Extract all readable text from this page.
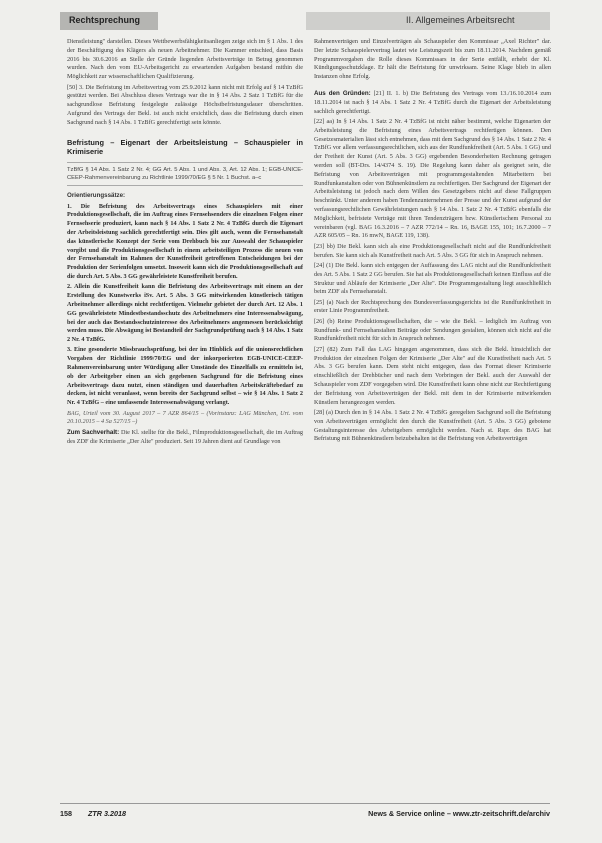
Rechtsprechung	II. Allgemeines Arbeitsrecht

Dienstleistung" darstellen. Dieses Wettbewerbsfähigkeitsanliegen zeige sich im § 1 Abs. 1 des der Beschäftigung des Klägers als neuen Arbeitnehmer. Die Kammer entschied, dass Basis 2016 bis 30.6.2016 an Stelle der Gründe liegenden Arbeitsverträge in Betrag genommen wurden. Nach den vom EU-Arbeitsgericht zu erwartenden Aufgaben bestand mithin die Möglichkeit zur wissenschaftlichen Qualifizierung.

[50] 3. Die Befristung im Arbeitsvertrag vom 25.9.2012 kann nicht mit Erfolg auf § 14 TzBfG gestützt werden. Bei Abschluss dieses Vertrags war die in § 14 Abs. 2 Satz 1 TzBfG für die sachgrundlose Befristung festgelegte zulässige Höchstbefristungsdauer überschritten. Aufgrund des Vertrags der Bekl. ist auch nicht ersichtlich, dass die Befristung durch einen Sachgrund nach § 14 Abs. 1 TzBfG gerechtfertigt sein könnte.

Befristung – Eigenart der Arbeitsleistung – Schauspieler in Krimiserie
TzBfG § 14 Abs. 1 Satz 2 Nr. 4; GG Art. 5 Abs. 1 und Abs. 3, Art. 12 Abs. 1; EGB-UNICE-CEEP-Rahmenvereinbarung zu Richtlinie 1999/70/EG § 5 Nr. 1 Buchst. a–c
Orientierungssätze:

1. Die Befristung des Arbeitsvertrags eines Schauspielers mit einer Produktionsgesellschaft, die im Auftrag eines Fernsehsenders die einzelnen Folgen einer Fernsehserie produziert, kann nach § 14 Abs. 1 Satz 2 Nr. 4 TzBfG durch die Eigenart der Arbeitsleistung sachlich gerechtfertigt sein. Dies gilt auch, wenn die Fernsehanstalt das künstlerische Konzept der Serie vom Drehbuch bis zur Auswahl der Schauspieler vorgibt und die Produktionsgesellschaft in einem arbeitsteiligen Prozess die neuen von der Fernsehanstalt im Rahmen der Kunstfreiheit getroffenen Entscheidungen bei der Produktion der Serienfolgen umsetzt. Insoweit kann sich die Produktionsgesellschaft auf die durch Art. 5 Abs. 3 GG gewährleistete Kunstfreiheit berufen.

2. Allein die Kunstfreiheit kann die Befristung des Arbeitsvertrags mit einem an der Erstellung des Kunstwerks iSv. Art. 5 Abs. 3 GG mitwirkenden künstlerisch tätigen Arbeitnehmer allerdings nicht rechtfertigen. Vielmehr gebietet der durch Art. 12 Abs. 1 GG gewährleistete Mindestbestandsschutz des Arbeitnehmers eine Interessenabwägung, bei der auch das Bestandsschutzinteresse des Arbeitnehmers angemessen berücksichtigt werden muss. Die Abwägung ist Bestandteil der Sachgrundprüfung nach § 14 Abs. 1 Satz 2 Nr. 4 TzBfG.

3. Eine gesonderte Missbrauchsprüfung, bei der im Hinblick auf die unionsrechtlichen Vorgaben der Richtlinie 1999/70/EG und der inkorporierten EGB-UNICE-CEEP-Rahmenvereinbarung unter Würdigung aller Umstände des Einzelfalls zu ermitteln ist, ob der Arbeitgeber einen an sich gegebenen Sachgrund für die Befristung eines Arbeitsvertrags dazu nutzt, einen ständigen und dauerhaften Arbeitskräftebedarf zu decken, ist nicht veranlasst, wenn bereits der Sachgrund selbst – wie § 14 Abs. 1 Satz 2 Nr. 4 TzBfG – eine umfassende Interessenabwägung verlangt.

BAG, Urteil vom 30. August 2017 – 7 AZR 864/15 – (Vorinstanz: LAG München, Urt. vom 20.10.2015 – 4 Sa 527/15 –)

Zum Sachverhalt: Die Kl. stellte für die Bekl., Filmproduktionsgesellschaft, die im Auftrag des ZDF die Krimiserie „Der Alte" produziert. Seit 19 Jahren dient auf Grundlage von

Rahmenverträgen und Einzelverträgen als Schauspieler den Kommissar „Axel Richter" dar. Der letzte Schauspielervertrag lautet wie Leistungszeit bis zum 18.11.2014. Nachdem gemäß Programmvorgaben die Rolle dieses Kommissars in der Serie entfällt, erhebt der Kl. Kündigungsschutzklage. Er hält die Befristung für unwirksam. Seine Klage blieb in allen Instanzen ohne Erfolg.

Aus den Gründen: [21] II. 1. b) Die Befristung des Vertrags vom 13./16.10.2014 zum 18.11.2014 ist nach § 14 Abs. 1 Satz 2 Nr. 4 TzBfG durch die Eigenart der Arbeitsleistung sachlich gerechtfertigt.

[22] aa) In § 14 Abs. 1 Satz 2 Nr. 4 TzBfG ist nicht näher bestimmt, welche Eigenarten der Arbeitsleistung die Befristung eines Arbeitsvertrags rechtfertigen können. Den Gesetzesmaterialien lässt sich entnehmen, dass mit dem Sachgrund des § 14 Abs. 1 Satz 2 Nr. 4 TzBfG vor allem verfassungsrechtlichen, sich aus der Rundfunkfreiheit (Art. 5 Abs. 1 GG) und der Freiheit der Kunst (Art. 5 Abs. 3 GG) ergebenden Besonderheiten Rechnung getragen werden soll (BT-Drs. 14/4374 S. 19). Die Regelung kann daher als geeignet sein, die Befristung von Arbeitsverträgen mit programmgestaltenden Mitarbeitern bei Rundfunkanstalten oder von Bühnenkünstlern zu rechtfertigen. Der Sachgrund der Eigenart der Arbeitsleistung ist jedoch nach dem Willen des Gesetzgebers nicht auf diese Fallgruppen beschränkt. Unter anderem haben Tendenzunternehmen der Presse und der Kunst aufgrund der verfassungsrechtlichen Gewährleistungen nach § 14 Abs. 1 Satz 2 Nr. 4 TzBfG ebenfalls die Möglichkeit, befristete Verträge mit ihren Tendenzträgern bzw. Künstlerischem Personal zu vereinbaren (vgl. BAG 16.3.2016 – 7 AZR 772/14 – Rn. 16, BAGE 155, 101; 16.7.2000 – 7 AZR 605/05 – Rn. 16 mwN, BAGE 119, 138).

[23] bb) Die Bekl. kann sich als eine Produktionsgesellschaft nicht auf die Rundfunkfreiheit berufen. Sie kann sich als Kunstfreiheit nach Art. 5 Abs. 3 GG für sich in Anspruch nehmen.

[24] (1) Die Bekl. kann sich entgegen der Auffassung des LAG nicht auf die Rundfunkfreiheit des Art. 5 Abs. 1 Satz 2 GG berufen. Sie hat als Produktionsgesellschaft keinen Einfluss auf die Struktur und Abläufe der Krimiserie „Der Alte". Die Programmgestaltung liegt ausschließlich beim ZDF als Fernsehanstalt.

[25] (a) Nach der Rechtsprechung des Bundesverfassungsgerichts ist die Rundfunkfreiheit in erster Linie Programmfreiheit.

[26] (b) Reine Produktionsgesellschaften, die – wie die Bekl. – lediglich im Auftrag von Rundfunk- und Fernsehanstalten Beiträge oder Sendungen gestalten, können sich nicht auf die Rundfunkfreiheit nicht für sich in Anspruch nehmen.

[27] (82) Zum Fall das LAG hingegen angenommen, dass sich die Bekl. hinsichtlich der Produktion der einzelnen Folgen der Krimiserie „Der Alte" auf die Kunstfreiheit nach Art. 5 Abs. 3 GG berufen kann. Dem steht nicht entgegen, dass das Format dieser Krimiserie einschließlich der Drehbücher und nach dem Vorbringen der Bekl. auch der Auswahl der Schauspieler vom ZDF vorgegeben wird. Die Kunstfreiheit kann ohne nicht zur Rechtfertigung der Befristung von Arbeitsverträgen der Bekl. mit dem in der Krimiserie mitwirkenden Künstlern herangezogen werden.

[28] (a) Durch den in § 14 Abs. 1 Satz 2 Nr. 4 TzBfG geregelten Sachgrund soll die Befristung von Arbeitsverträgen ermöglicht den durch die Kunstfreiheit (Art. 5 Abs. 3 GG) gebotene Gestaltungsinteresse des Arbeitgebers ermöglicht werden. Nach st. Rspr. des BAG hat Befristung mit Bühnenkünstlern beizubehalten ist die Befristung von Arbeitsverträgen

158 ZTR 3.2018	News & Service online – www.ztr-zeitschrift.de/archiv
